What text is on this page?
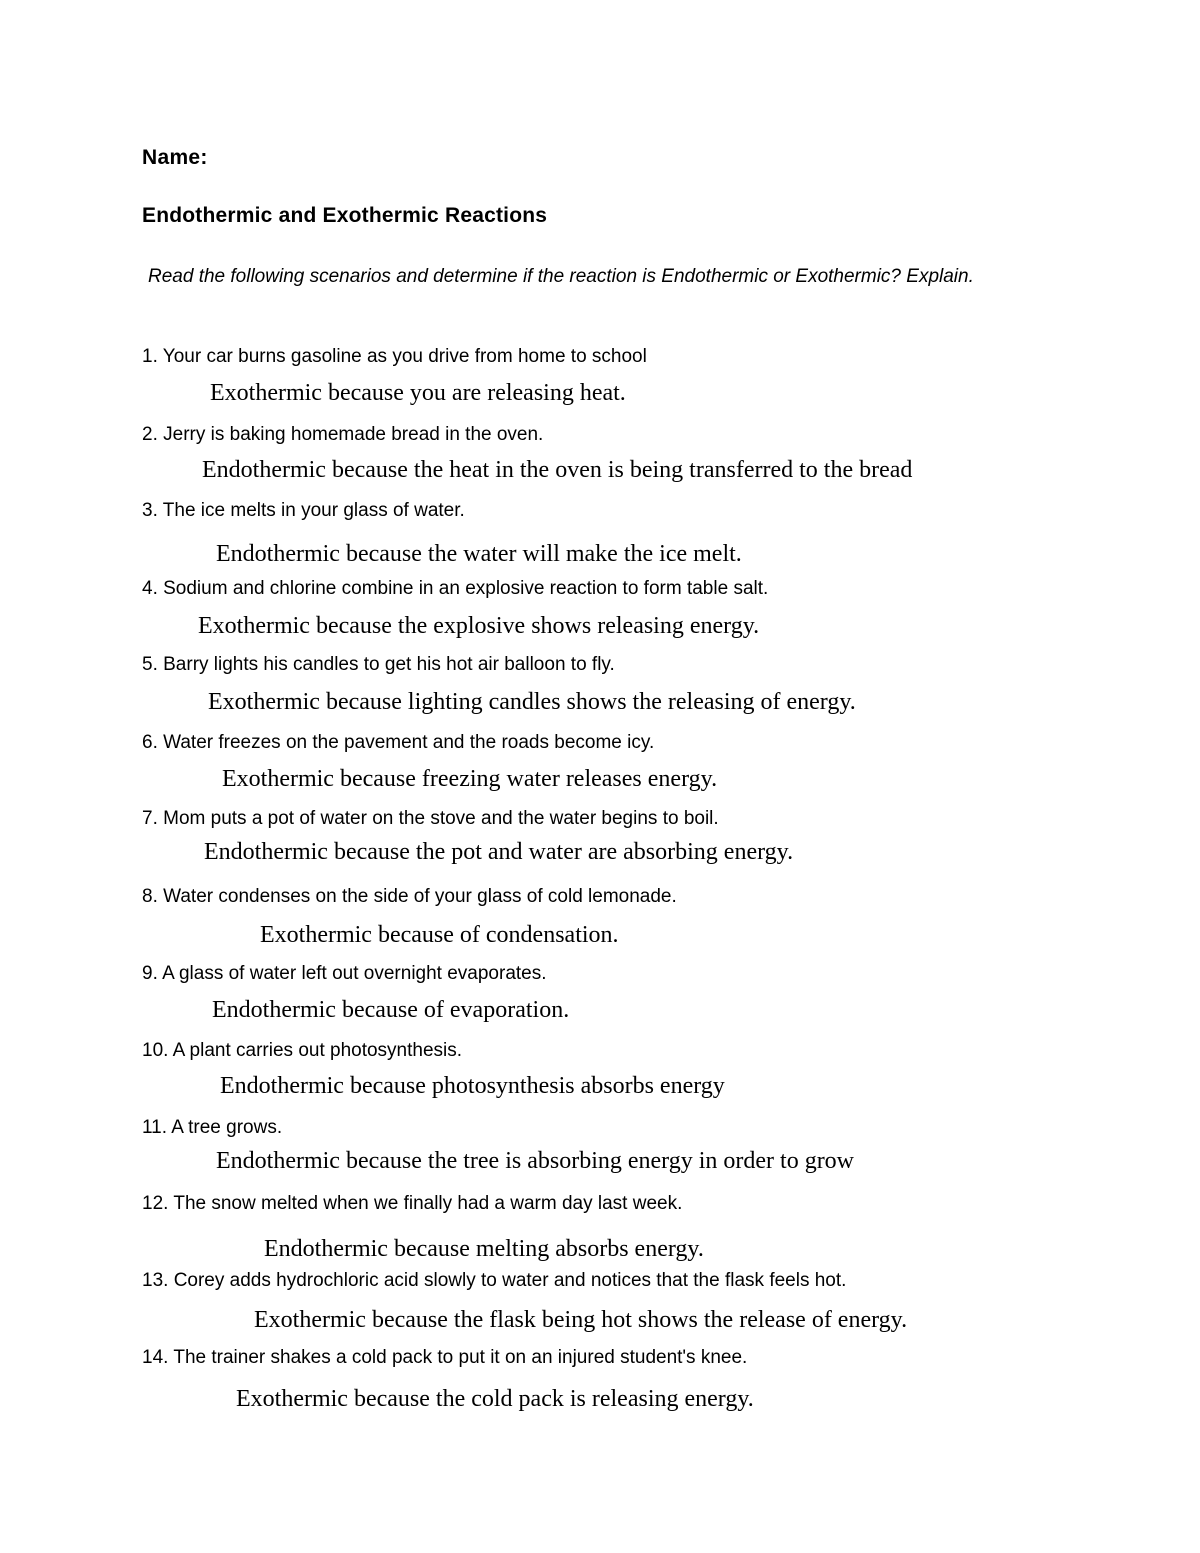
Name:
Endothermic and Exothermic Reactions
Read the following scenarios and determine if the reaction is Endothermic or Exothermic? Explain.
1. Your car burns gasoline as you drive from home to school
Exothermic because you are releasing heat.
2. Jerry is baking homemade bread in the oven.
Endothermic because the heat in the oven is being transferred to the bread
3. The ice melts in your glass of water.
Endothermic because the water will make the ice melt.
4. Sodium and chlorine combine in an explosive reaction to form table salt.
Exothermic because the explosive shows releasing energy.
5. Barry lights his candles to get his hot air balloon to fly.
Exothermic because lighting candles shows the releasing of energy.
6. Water freezes on the pavement and the roads become icy.
Exothermic because freezing water releases energy.
7. Mom puts a pot of water on the stove and the water begins to boil.
Endothermic because the pot and water are absorbing energy.
8. Water condenses on the side of your glass of cold lemonade.
Exothermic because of condensation.
9. A glass of water left out overnight evaporates.
Endothermic because of evaporation.
10. A plant carries out photosynthesis.
Endothermic because photosynthesis absorbs energy
11. A tree grows.
Endothermic because the tree is absorbing energy in order to grow
12. The snow melted when we finally had a warm day last week.
Endothermic because melting absorbs energy.
13. Corey adds hydrochloric acid slowly to water and notices that the flask feels hot.
Exothermic because the flask being hot shows the release of energy.
14. The trainer shakes a cold pack to put it on an injured student's knee.
Exothermic because the cold pack is releasing energy.
